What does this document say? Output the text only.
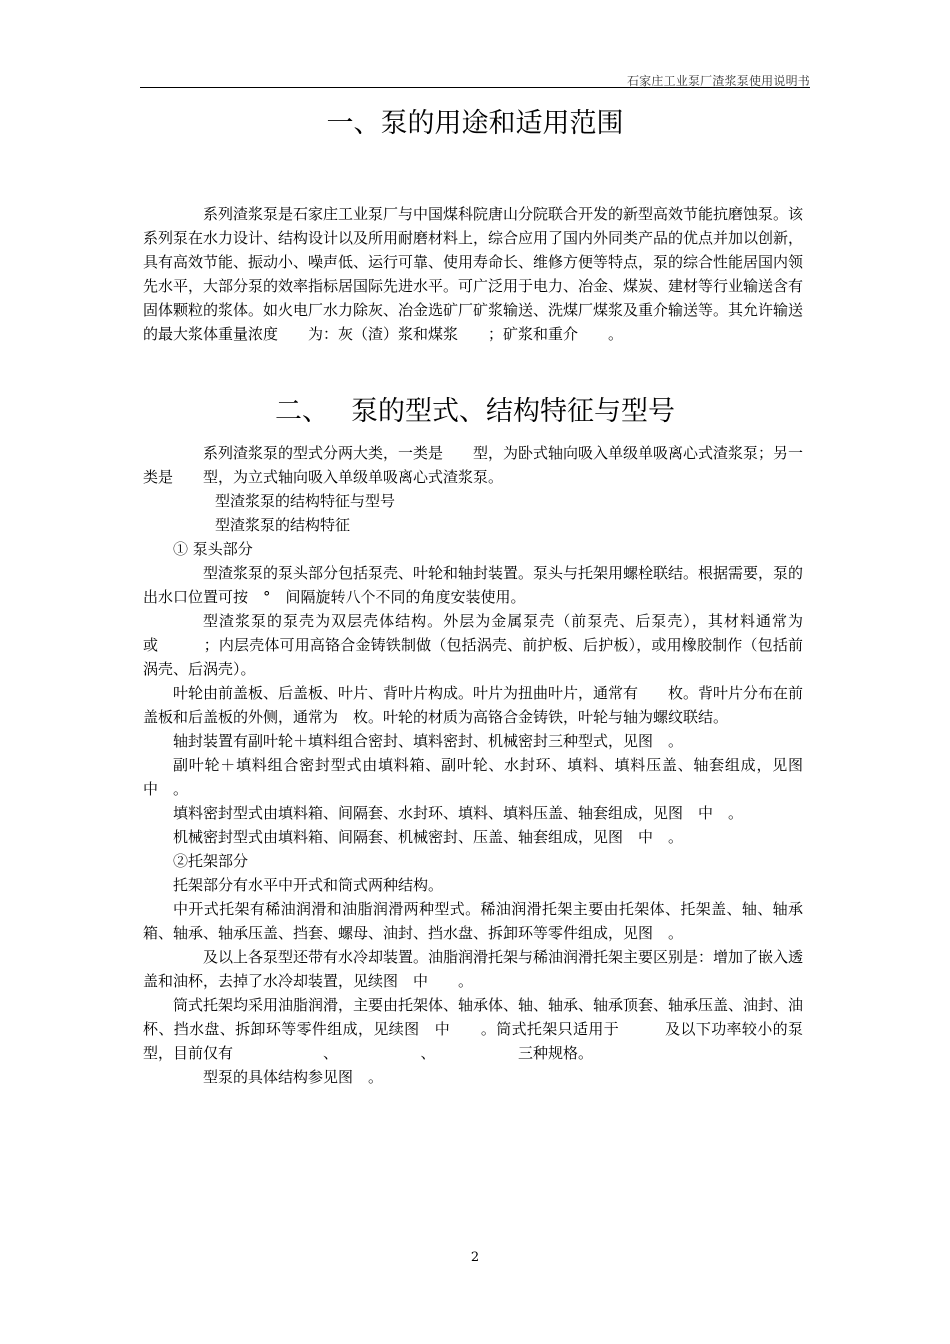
石家庄工业泵厂渣浆泵使用说明书
一、泵的用途和适用范围

系列渣浆泵是石家庄工业泵厂与中国煤科院唐山分院联合开发的新型高效节能抗磨蚀泵。该系列泵在水力设计、结构设计以及所用耐磨材料上，综合应用了国内外同类产品的优点并加以创新，具有高效节能、振动小、噪声低、运行可靠、使用寿命长、维修方便等特点，泵的综合性能居国内领先水平，大部分泵的效率指标居国际先进水平。可广泛用于电力、冶金、煤炭、建材等行业输送含有固体颗粒的浆体。如火电厂水力除灰、冶金选矿厂矿浆输送、洗煤厂煤浆及重介输送等。其允许输送的最大浆体重量浓度　　为：灰（渣）浆和煤浆　　；矿浆和重介　　。

二、　 泵的型式、结构特征与型号

系列渣浆泵的型式分两大类，一类是　　型，为卧式轴向吸入单级单吸离心式渣浆泵；另一类是　　型，为立式轴向吸入单级单吸离心式渣浆泵。

型渣浆泵的结构特征与型号

型渣浆泵的结构特征

① 泵头部分

型渣浆泵的泵头部分包括泵壳、叶轮和轴封装置。泵头与托架用螺栓联结。根据需要，泵的出水口位置可按　°　间隔旋转八个不同的角度安装使用。

型渣浆泵的泵壳为双层壳体结构。外层为金属泵壳（前泵壳、后泵壳），其材料通常为　　　或　　　；内层壳体可用高铬合金铸铁制做（包括涡壳、前护板、后护板），或用橡胶制作（包括前涡壳、后涡壳）。

叶轮由前盖板、后盖板、叶片、背叶片构成。叶片为扭曲叶片，通常有　　枚。背叶片分布在前盖板和后盖板的外侧，通常为　枚。叶轮的材质为高铬合金铸铁，叶轮与轴为螺纹联结。

轴封装置有副叶轮＋填料组合密封、填料密封、机械密封三种型式，见图　。

副叶轮＋填料组合密封型式由填料箱、副叶轮、水封环、填料、填料压盖、轴套组成，见图　中　。

填料密封型式由填料箱、间隔套、水封环、填料、填料压盖、轴套组成，见图　中　。

机械密封型式由填料箱、间隔套、机械密封、压盖、轴套组成，见图　中　。

②托架部分

托架部分有水平中开式和筒式两种结构。

中开式托架有稀油润滑和油脂润滑两种型式。稀油润滑托架主要由托架体、托架盖、轴、轴承箱、轴承、轴承压盖、挡套、螺母、油封、挡水盘、拆卸环等零件组成，见图　。

及以上各泵型还带有水冷却装置。油脂润滑托架与稀油润滑托架主要区别是：增加了嵌入透盖和油杯，去掉了水冷却装置，见续图　中　　。

筒式托架均采用油脂润滑，主要由托架体、轴承体、轴、轴承、轴承顶套、轴承压盖、油封、油杯、挡水盘、拆卸环等零件组成，见续图　中　　。筒式托架只适用于　　　及以下功率较小的泵型，目前仅有　　　　　　、　　　　　　、　　　　　　三种规格。

型泵的具体结构参见图　。

2
